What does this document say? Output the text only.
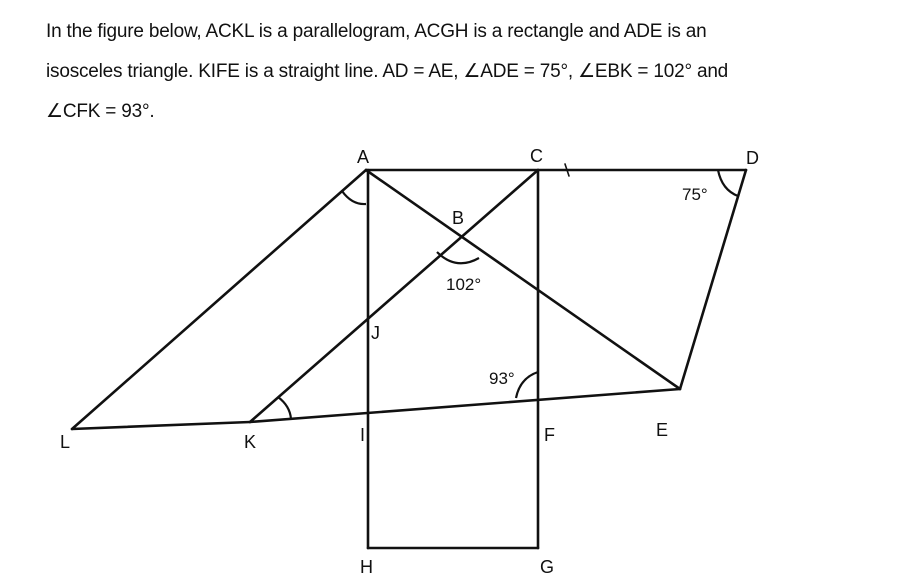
In the figure below, ACKL is a parallelogram, ACGH is a rectangle and ADE is an

isosceles triangle. KIFE is a straight line. AD = AE, ∠ADE = 75°, ∠EBK = 102° and

∠CFK = 93°.

A	C	D
B
J
I	F	E
L	K
H	G
75°
102°
93°
